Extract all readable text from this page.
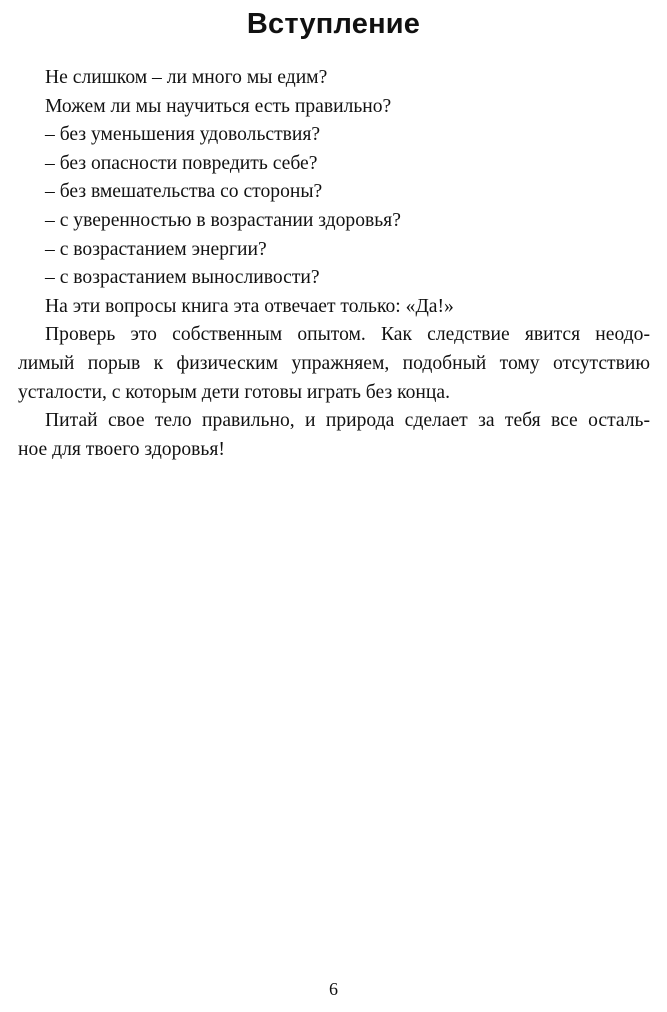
Вступление
Не слишком – ли много мы едим?
Можем ли мы научиться есть правильно?
– без уменьшения удовольствия?
– без опасности повредить себе?
– без вмешательства со стороны?
– с уверенностью в возрастании здоровья?
– с возрастанием энергии?
– с возрастанием выносливости?
На эти вопросы книга эта отвечает только: «Да!»
Проверь это собственным опытом. Как следствие явится неодо-
лимый порыв к физическим упражняем, подобный тому отсутствию
усталости, с которым дети готовы играть без конца.
Питай свое тело правильно, и природа сделает за тебя все осталь-
ное для твоего здоровья!
6
